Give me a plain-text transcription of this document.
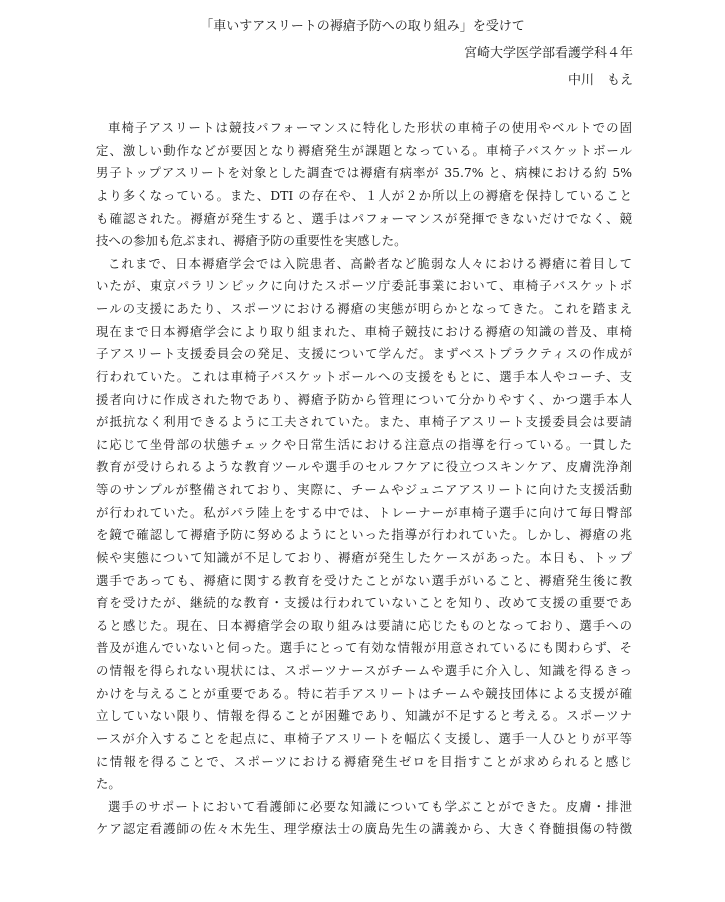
「車いすアスリートの褥瘡予防への取り組み」を受けて
宮崎大学医学部看護学科４年
中川　もえ
車椅子アスリートは競技パフォーマンスに特化した形状の車椅子の使用やベルトでの固
定、激しい動作などが要因となり褥瘡発生が課題となっている。車椅子バスケットボール
男子トップアスリートを対象とした調査では褥瘡有病率が 35.7% と、病棟における約 5%
より多くなっている。また、DTI の存在や、１人が２か所以上の褥瘡を保持していること
も確認された。褥瘡が発生すると、選手はパフォーマンスが発揮できないだけでなく、競
技への参加も危ぶまれ、褥瘡予防の重要性を実感した。
これまで、日本褥瘡学会では入院患者、高齢者など脆弱な人々における褥瘡に着目して
いたが、東京パラリンピックに向けたスポーツ庁委託事業において、車椅子バスケットボ
ールの支援にあたり、スポーツにおける褥瘡の実態が明らかとなってきた。これを踏まえ
現在まで日本褥瘡学会により取り組まれた、車椅子競技における褥瘡の知識の普及、車椅
子アスリート支援委員会の発足、支援について学んだ。まずベストプラクティスの作成が
行われていた。これは車椅子バスケットボールへの支援をもとに、選手本人やコーチ、支
援者向けに作成された物であり、褥瘡予防から管理について分かりやすく、かつ選手本人
が抵抗なく利用できるように工夫されていた。また、車椅子アスリート支援委員会は要請
に応じて坐骨部の状態チェックや日常生活における注意点の指導を行っている。一貫した
教育が受けられるような教育ツールや選手のセルフケアに役立つスキンケア、皮膚洗浄剤
等のサンプルが整備されており、実際に、チームやジュニアアスリートに向けた支援活動
が行われていた。私がパラ陸上をする中では、トレーナーが車椅子選手に向けて毎日臀部
を鏡で確認して褥瘡予防に努めるようにといった指導が行われていた。しかし、褥瘡の兆
候や実態について知識が不足しており、褥瘡が発生したケースがあった。本日も、トップ
選手であっても、褥瘡に関する教育を受けたことがない選手がいること、褥瘡発生後に教
育を受けたが、継続的な教育・支援は行われていないことを知り、改めて支援の重要であ
ると感じた。現在、日本褥瘡学会の取り組みは要請に応じたものとなっており、選手への
普及が進んでいないと伺った。選手にとって有効な情報が用意されているにも関わらず、そ
の情報を得られない現状には、スポーツナースがチームや選手に介入し、知識を得るきっ
かけを与えることが重要である。特に若手アスリートはチームや競技団体による支援が確
立していない限り、情報を得ることが困難であり、知識が不足すると考える。スポーツナ
ースが介入することを起点に、車椅子アスリートを幅広く支援し、選手一人ひとりが平等
に情報を得ることで、スポーツにおける褥瘡発生ゼロを目指すことが求められると感じ
た。
選手のサポートにおいて看護師に必要な知識についても学ぶことができた。皮膚・排泄
ケア認定看護師の佐々木先生、理学療法士の廣島先生の講義から、大きく脊髄損傷の特徴
